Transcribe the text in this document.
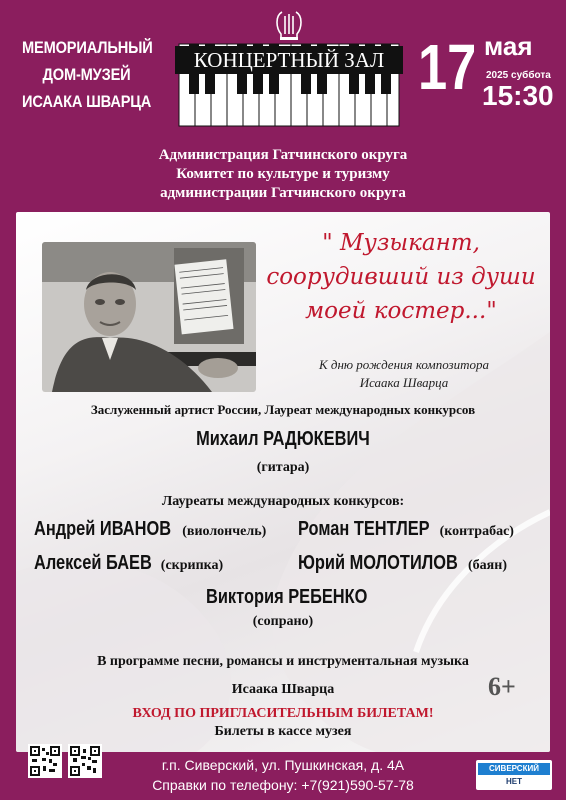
МЕМОРИАЛЬНЫЙ
ДОМ-МУЗЕЙ
ИСААКА ШВАРЦА
КОНЦЕРТНЫЙ ЗАЛ 17 мая
2025 суббота
15:30
Администрация Гатчинского округа
Комитет по культуре и туризму
администрации Гатчинского округа
" Музыкант,
соорудивший из души
моей костер..."
К дню рождения композитора
Исаака Шварца
Заслуженный артист России, Лауреат международных конкурсов
Михаил РАДЮКЕВИЧ
(гитара)
Лауреаты международных конкурсов:
Андрей ИВАНОВ (виолончель) Роман ТЕНТЛЕР (контрабас)
Алексей БАЕВ (скрипка)	Юрий МОЛОТИЛОВ (баян)
Виктория РЕБЕНКО
(сопрано)
В программе песни, романсы и инструментальная музыка
Исаака Шварца	6+
ВХОД ПО ПРИГЛАСИТЕЛЬНЫМ БИЛЕТАМ!
Билеты в кассе музея
г.п. Сиверский, ул. Пушкинская, д. 4А
Справки по телефону: +7(921)590-57-78
СИВЕРСКИЙ
НЕТ
